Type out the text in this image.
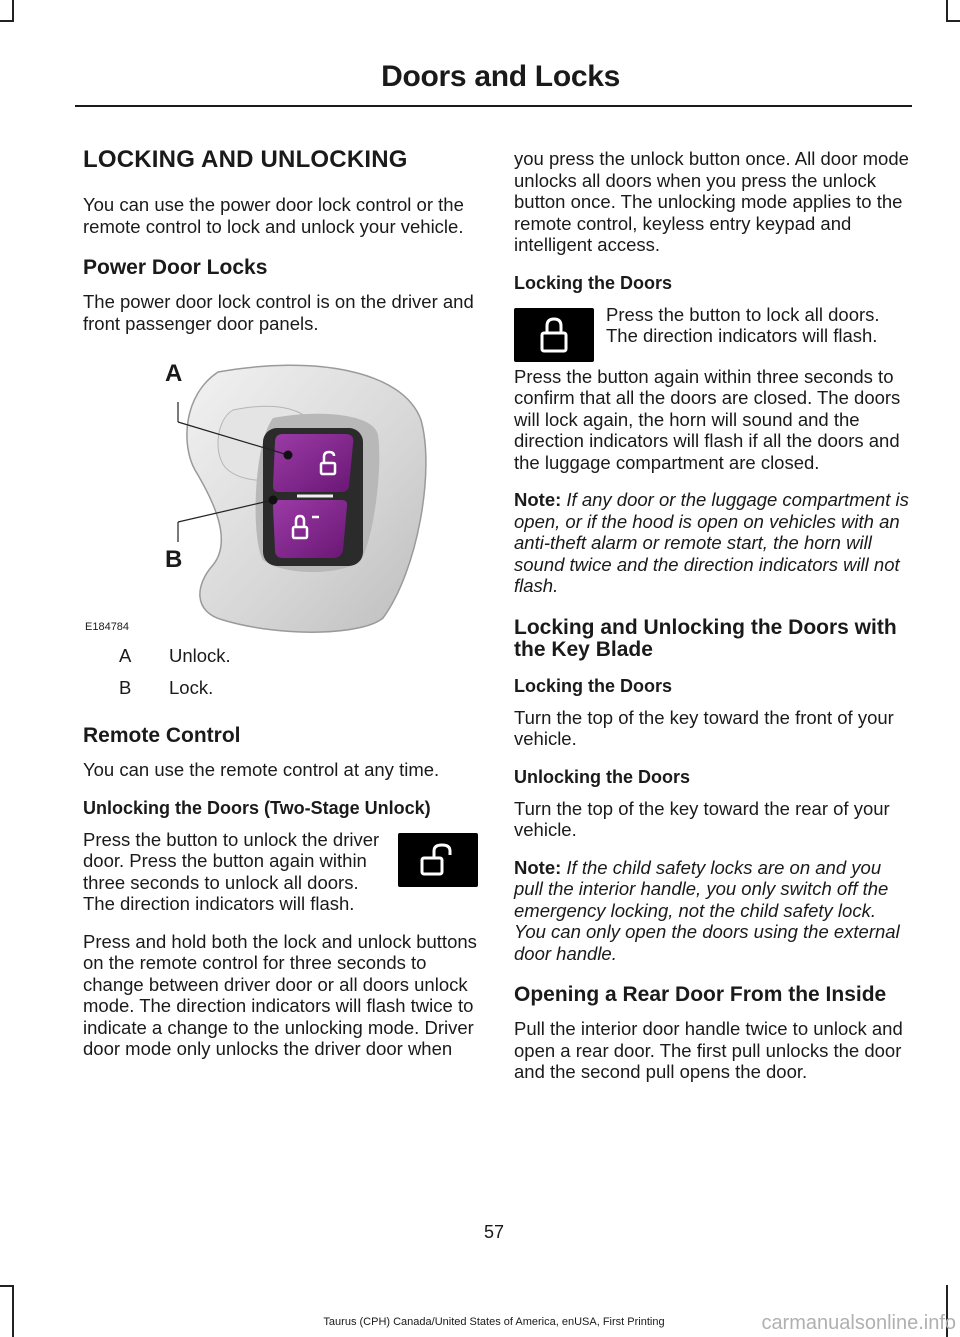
Doors and Locks
LOCKING AND UNLOCKING

You can use the power door lock control or the remote control to lock and unlock your vehicle.

Power Door Locks

The power door lock control is on the driver and front passenger door panels.

A
B
E184784
A	Unlock.
B	Lock.
Remote Control

You can use the remote control at any time.

Unlocking the Doors (Two-Stage Unlock)

Press the button to unlock the driver door. Press the button again within three seconds to unlock all doors. The direction indicators will flash.

Press and hold both the lock and unlock buttons on the remote control for three seconds to change between driver door or all doors unlock mode. The direction indicators will flash twice to indicate a change to the unlocking mode. Driver door mode only unlocks the driver door when

you press the unlock button once. All door mode unlocks all doors when you press the unlock button once. The unlocking mode applies to the remote control, keyless entry keypad and intelligent access.

Locking the Doors

Press the button to lock all doors. The direction indicators will flash.

Press the button again within three seconds to confirm that all the doors are closed. The doors will lock again, the horn will sound and the direction indicators will flash if all the doors and the luggage compartment are closed.

Note: If any door or the luggage compartment is open, or if the hood is open on vehicles with an anti-theft alarm or remote start, the horn will sound twice and the direction indicators will not flash.

Locking and Unlocking the Doors with the Key Blade
Locking the Doors

Turn the top of the key toward the front of your vehicle.

Unlocking the Doors

Turn the top of the key toward the rear of your vehicle.

Note: If the child safety locks are on and you pull the interior handle, you only switch off the emergency locking, not the child safety lock. You can only open the doors using the external door handle.

Opening a Rear Door From the Inside

Pull the interior door handle twice to unlock and open a rear door. The first pull unlocks the door and the second pull opens the door.

57
Taurus (CPH) Canada/United States of America, enUSA, First Printing	carmanualsonline.info
